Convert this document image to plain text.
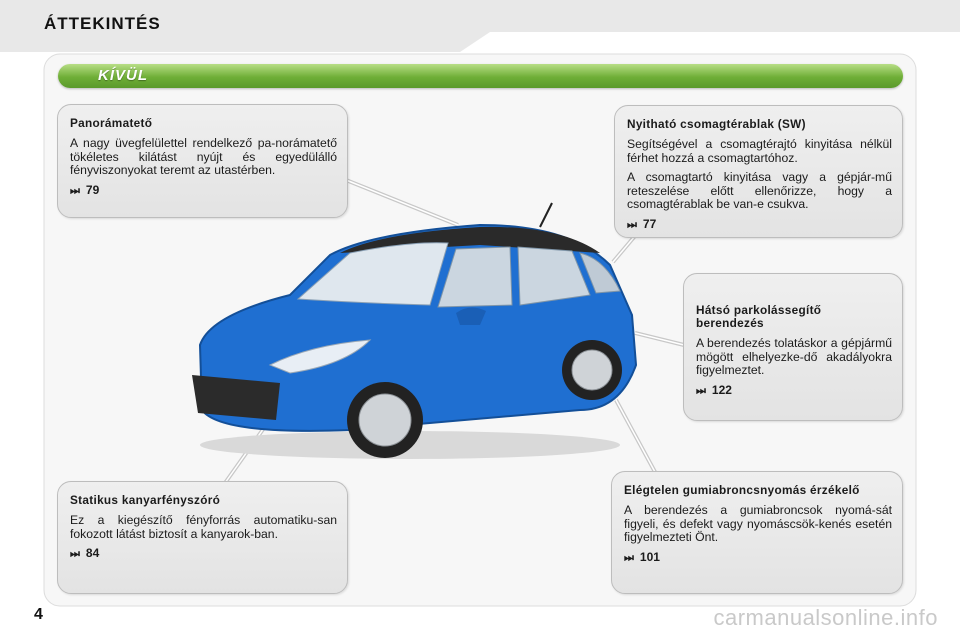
ÁTTEKINTÉS
KÍVÜL
Panorámatető

A nagy üvegfelülettel rendelkező pa-norámatető tökéletes kilátást nyújt és egyedülálló fényviszonyokat teremt az utastérben.

⏭ 79
Nyitható csomagtérablak (SW)

Segítségével a csomagtérajtó kinyitása nélkül férhet hozzá a csomagtartóhoz.

A csomagtartó kinyitása vagy a gépjár-mű reteszelése előtt ellenőrizze, hogy a csomagtérablak be van-e csukva.

⏭ 77
Hátsó parkolássegítő berendezés

A berendezés tolatáskor a gépjármű mögött elhelyezke-dő akadályokra figyelmeztet.

⏭ 122
Statikus kanyarfényszóró

Ez a kiegészítő fényforrás automatiku-san fokozott látást biztosít a kanyarok-ban.

⏭ 84
Elégtelen gumiabroncsnyomás érzékelő

A berendezés a gumiabroncsok nyomá-sát figyeli, és defekt vagy nyomáscsök-kenés esetén figyelmezteti Önt.

⏭ 101
4	carmanualsonline.info
